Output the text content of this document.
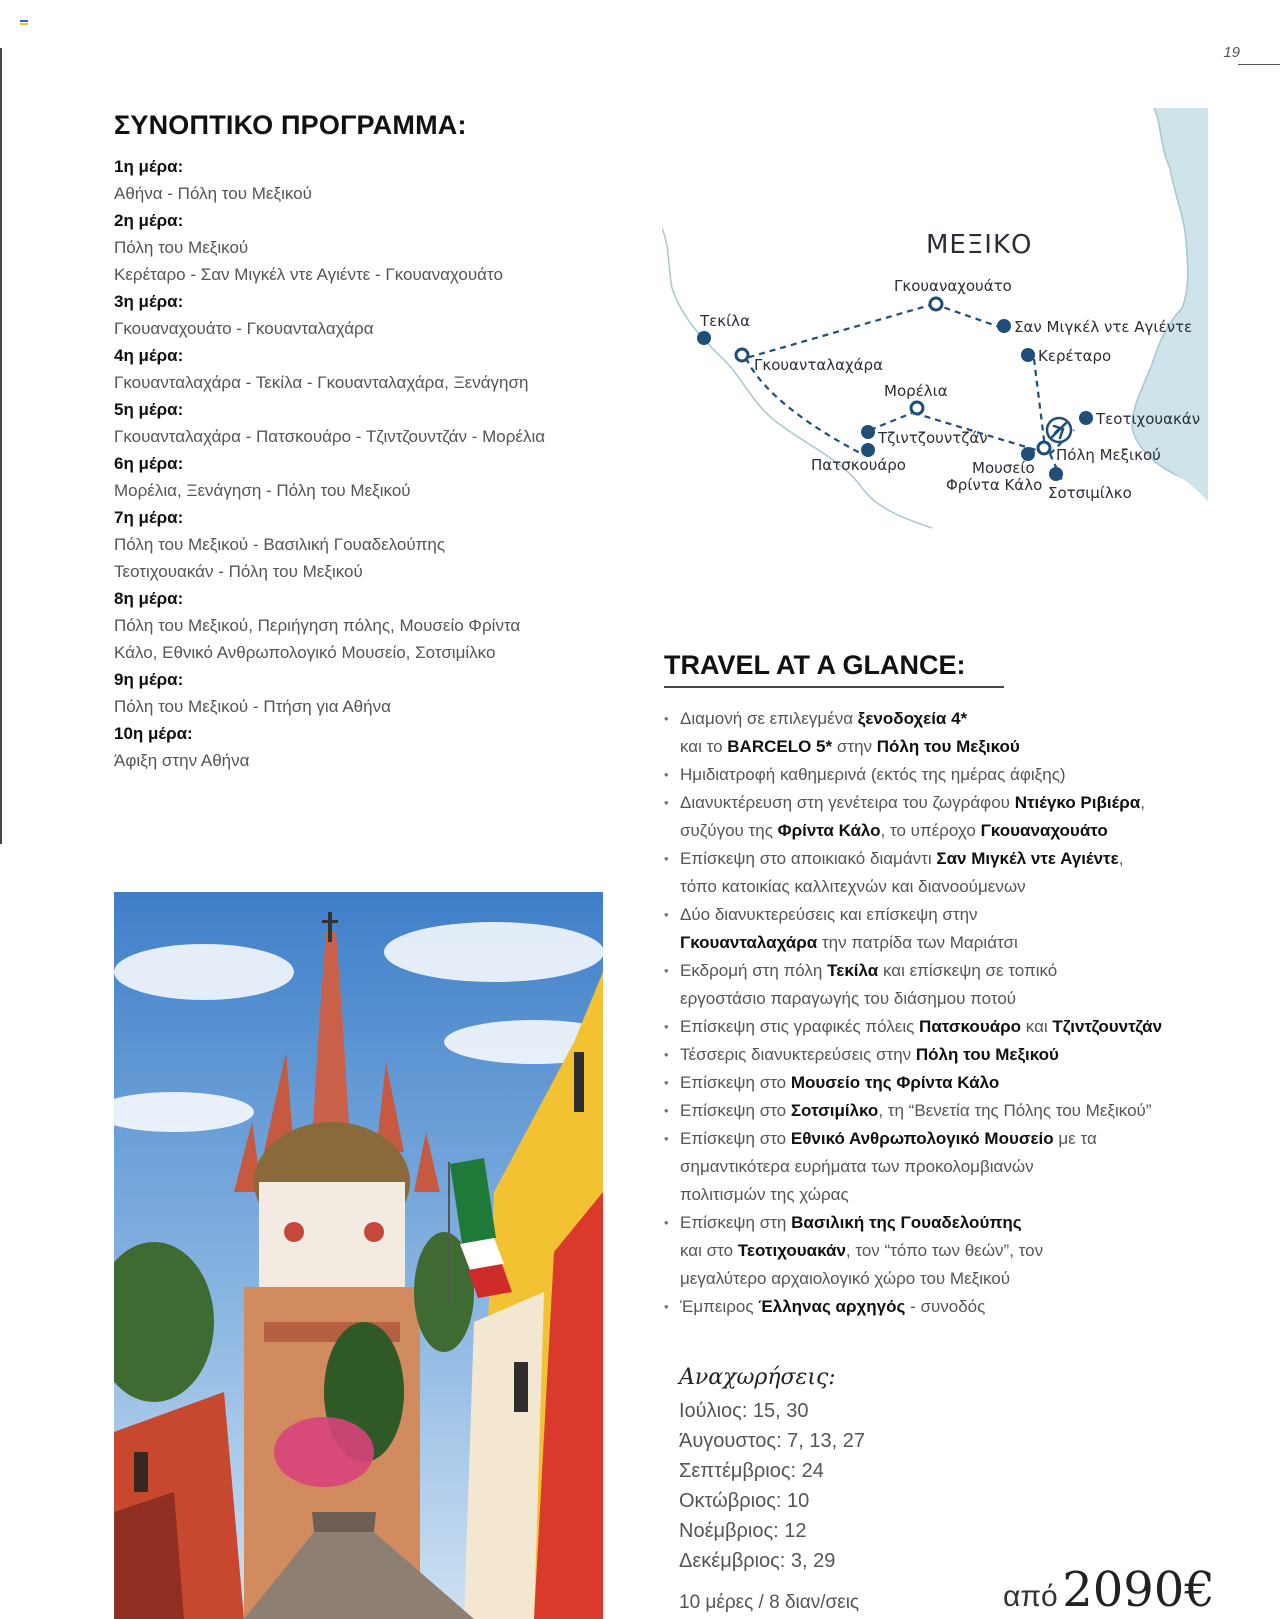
19
ΣΥΝΟΠΤΙΚΟ ΠΡΟΓΡΑΜΜΑ:
1η μέρα:
Αθήνα - Πόλη του Μεξικού
2η μέρα:
Πόλη του Μεξικού
Κερέταρο - Σαν Μιγκέλ ντε Αγιέντε - Γκουαναχουάτο
3η μέρα:
Γκουαναχουάτο - Γκουανταλαχάρα
4η μέρα:
Γκουανταλαχάρα - Τεκίλα - Γκουανταλαχάρα, Ξενάγηση
5η μέρα:
Γκουανταλαχάρα - Πατσκουάρο - Τζιντζουντζάν - Μορέλια
6η μέρα:
Μορέλια, Ξενάγηση - Πόλη του Μεξικού
7η μέρα:
Πόλη του Μεξικού - Βασιλική Γουαδελούπης
Τεοτιχουακάν - Πόλη του Μεξικού
8η μέρα:
Πόλη του Μεξικού, Περιήγηση πόλης, Μουσείο Φρίντα
Κάλο, Εθνικό Ανθρωπολογικό Μουσείο, Σοτσιμίλκο
9η μέρα:
Πόλη του Μεξικού - Πτήση για Αθήνα
10η μέρα:
Άφιξη στην Αθήνα
ΜΕΞΙΚΟ
Γκουαναχουάτο
Τεκίλα	Σαν Μιγκέλ ντε Αγιέντε
Γκουανταλαχάρα	Κερέταρο
Μορέλια
Τεοτιχουακάν
Τζιντζουντζάν
Πόλη Μεξικού
Πατσκουάρο	Μουσείο
Φρίντα Κάλο Σοτσιμίλκο
TRAVEL AT A GLANCE:
• Διαμονή σε επιλεγμένα ξενοδοχεία 4*
και το BARCELO 5* στην Πόλη του Μεξικού
• Ημιδιατροφή καθημερινά (εκτός της ημέρας άφιξης)
• Διανυκτέρευση στη γενέτειρα του ζωγράφου Ντιέγκο Ριβιέρα,
συζύγου της Φρίντα Κάλο, το υπέροχο Γκουαναχουάτο
• Επίσκεψη στο αποικιακό διαμάντι Σαν Μιγκέλ ντε Αγιέντε,
τόπο κατοικίας καλλιτεχνών και διανοούμενων
• Δύο διανυκτερεύσεις και επίσκεψη στην
Γκουανταλαχάρα την πατρίδα των Μαριάτσι
• Εκδρομή στη πόλη Τεκίλα και επίσκεψη σε τοπικό
εργοστάσιο παραγωγής του διάσημου ποτού
• Επίσκεψη στις γραφικές πόλεις Πατσκουάρο και Τζιντζουντζάν
• Τέσσερις διανυκτερεύσεις στην Πόλη του Μεξικού
• Επίσκεψη στο Μουσείο της Φρίντα Κάλο
• Επίσκεψη στο Σοτσιμίλκο, τη “Βενετία της Πόλης του Μεξικού”
• Επίσκεψη στο Εθνικό Ανθρωπολογικό Μουσείο με τα
σημαντικότερα ευρήματα των προκολομβιανών
πολιτισμών της χώρας
• Επίσκεψη στη Βασιλική της Γουαδελούπης
και στο Τεοτιχουακάν, τον “τόπο των θεών”, τον
μεγαλύτερο αρχαιολογικό χώρο του Μεξικού
• Έμπειρος Έλληνας αρχηγός - συνοδός
Αναχωρήσεις:
Ιούλιος: 15, 30
Άυγουστος: 7, 13, 27
Σεπτέμβριος: 24
Οκτώβριος: 10
Νοέμβριος: 12
Δεκέμβριος: 3, 29
10 μέρες / 8 διαν/σεις	από 2090€
